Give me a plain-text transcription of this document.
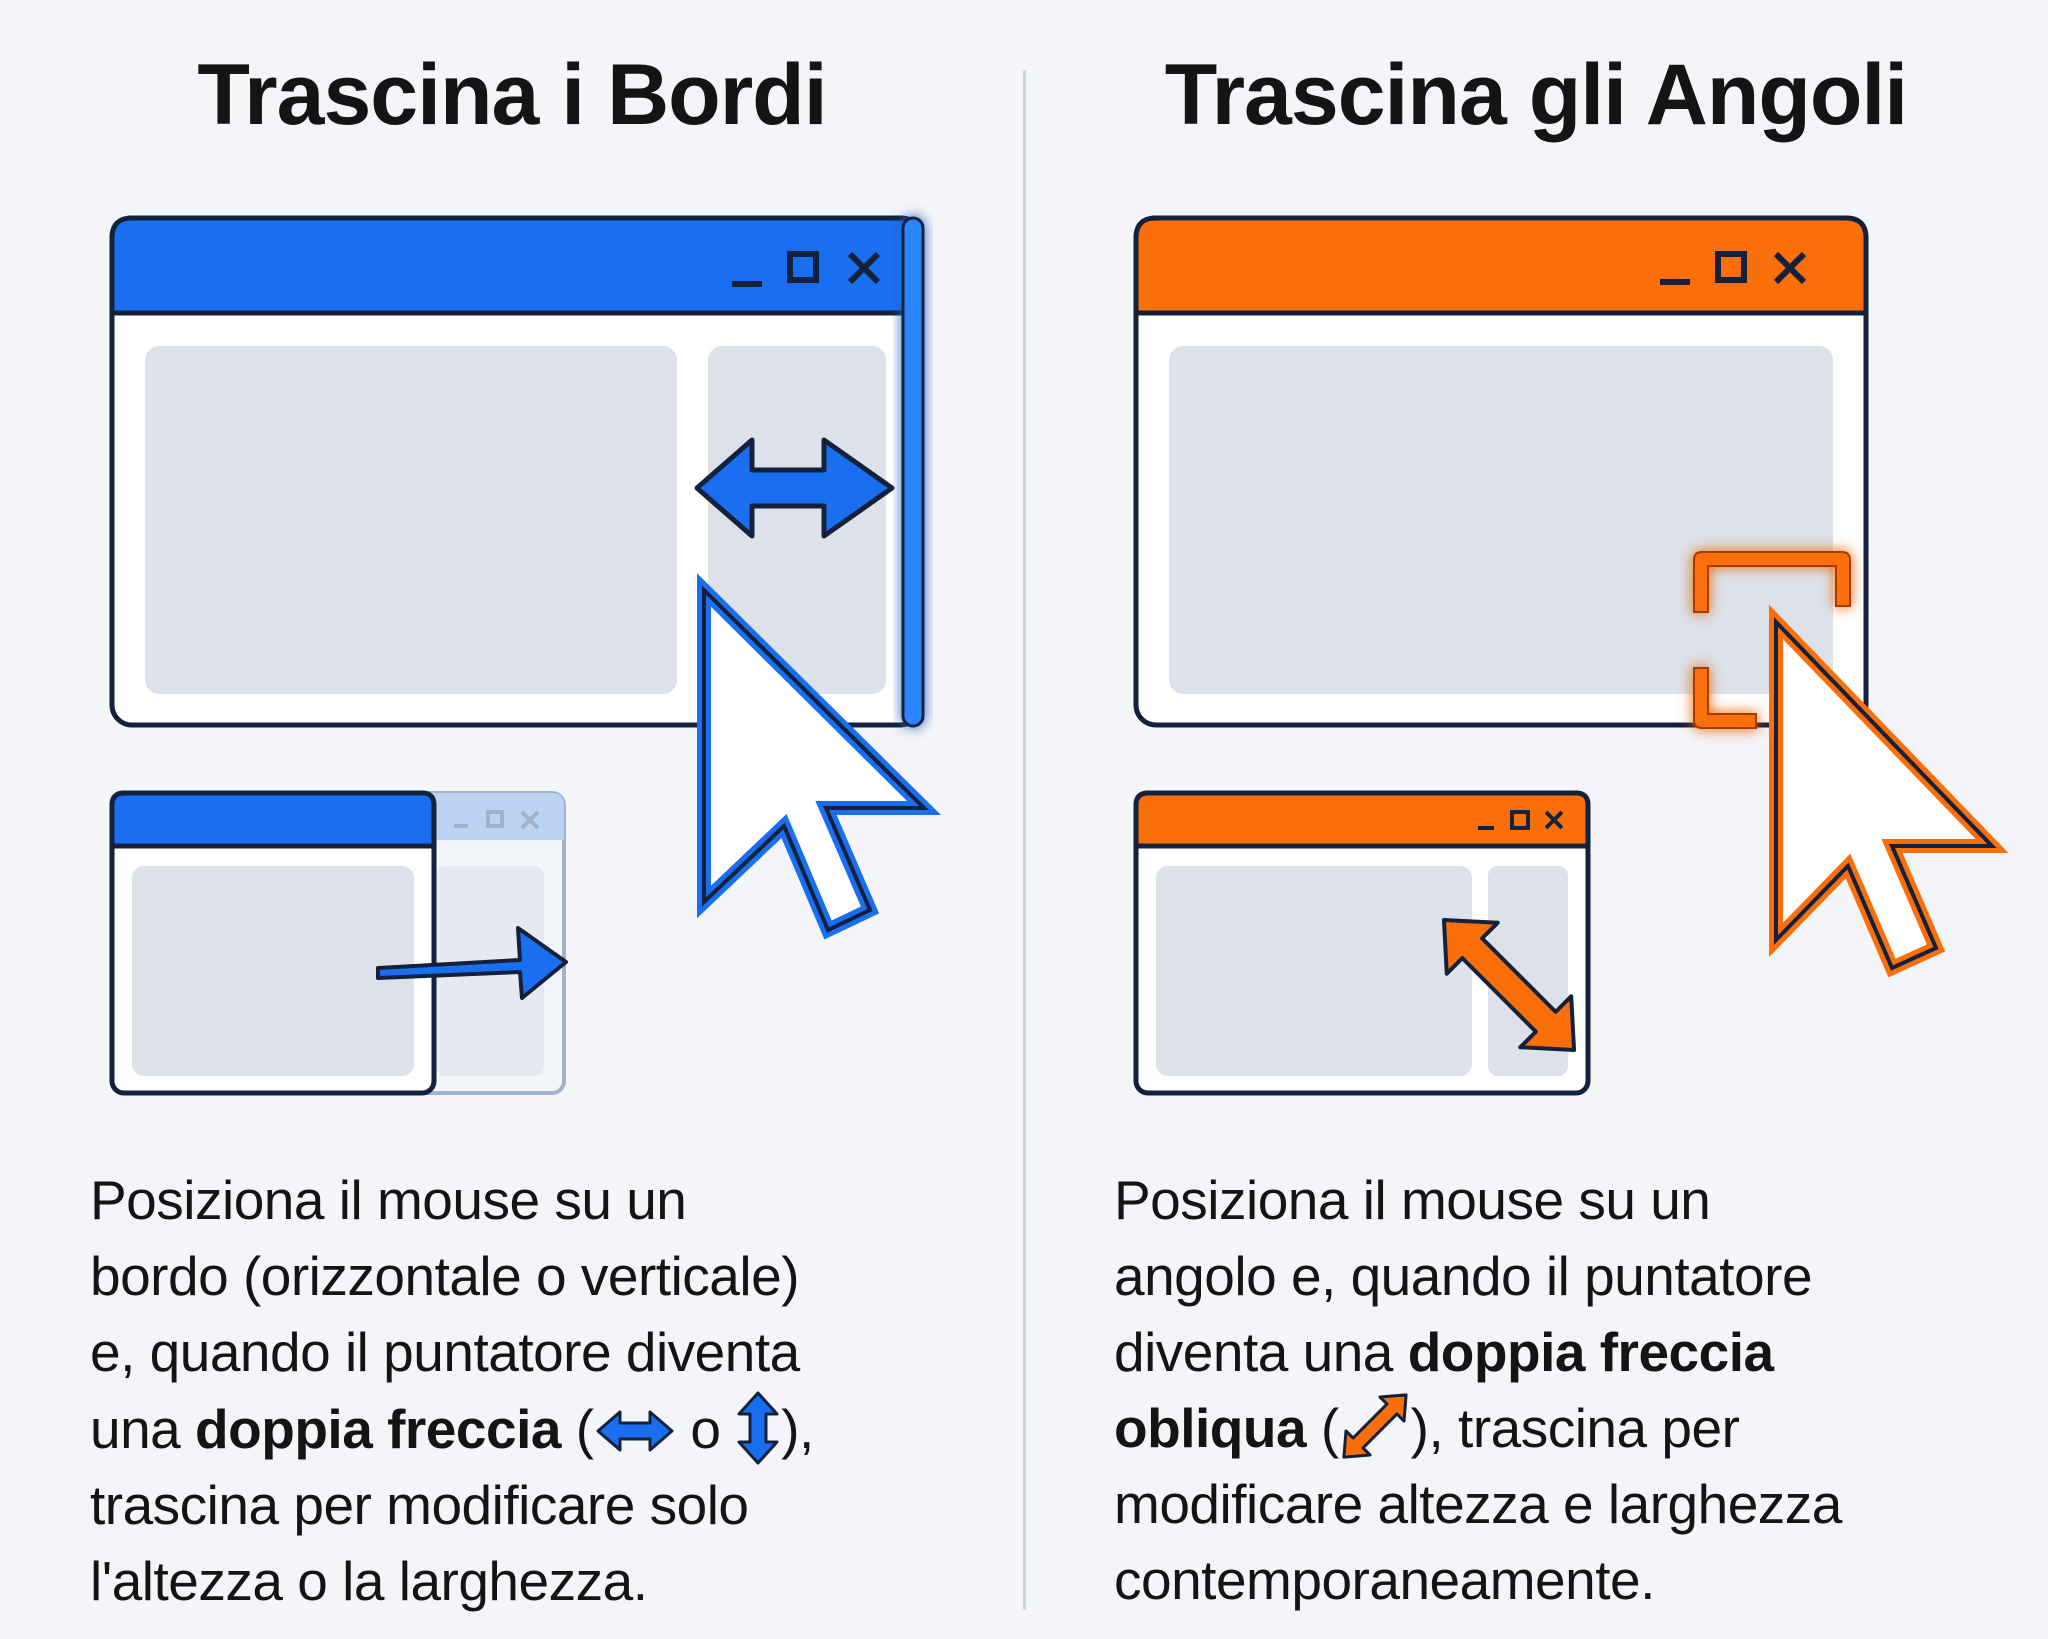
Trascina i Bordi
Posiziona il mouse su un
bordo (orizzontale o verticale)
e, quando il puntatore diventa
una doppia freccia ( o ),
trascina per modificare solo
l'altezza o la larghezza.
Trascina gli Angoli
Posiziona il mouse su un
angolo e, quando il puntatore
diventa una doppia freccia
obliqua ( ), trascina per
modificare altezza e larghezza
contemporaneamente.
